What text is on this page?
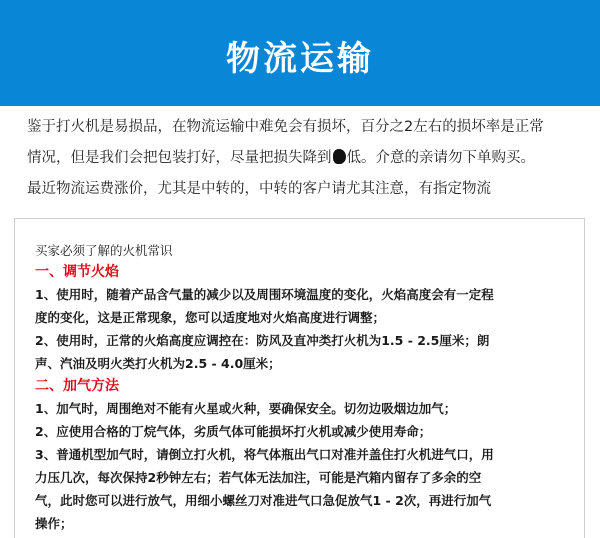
物流运输

鉴于打火机是易损品，在物流运输中难免会有损坏，百分之2左右的损坏率是正常

情况，但是我们会把包装打好，尽量把损失降到 低。介意的亲请勿下单购买。

最近物流运费涨价，尤其是中转的，中转的客户请尤其注意，有指定物流

买家必须了解的火机常识

一、调节火焰

1、使用时，随着产品含气量的减少以及周围环境温度的变化，火焰高度会有一定程

度的变化，这是正常现象，您可以适度地对火焰高度进行调整；

2、使用时，正常的火焰高度应调控在：防风及直冲类打火机为1.5 - 2.5厘米；朗

声、汽油及明火类打火机为2.5 - 4.0厘米；

二、加气方法

1、加气时，周围绝对不能有火星或火种，要确保安全。切勿边吸烟边加气；

2、应使用合格的丁烷气体，劣质气体可能损坏打火机或减少使用寿命；

3、普通机型加气时，请倒立打火机，将气体瓶出气口对准并盖住打火机进气口，用

力压几次，每次保持2秒钟左右；若气体无法加注，可能是汽箱内留存了多余的空

气，此时您可以进行放气，用细小螺丝刀对准进气口急促放气1 - 2次，再进行加气

操作；
